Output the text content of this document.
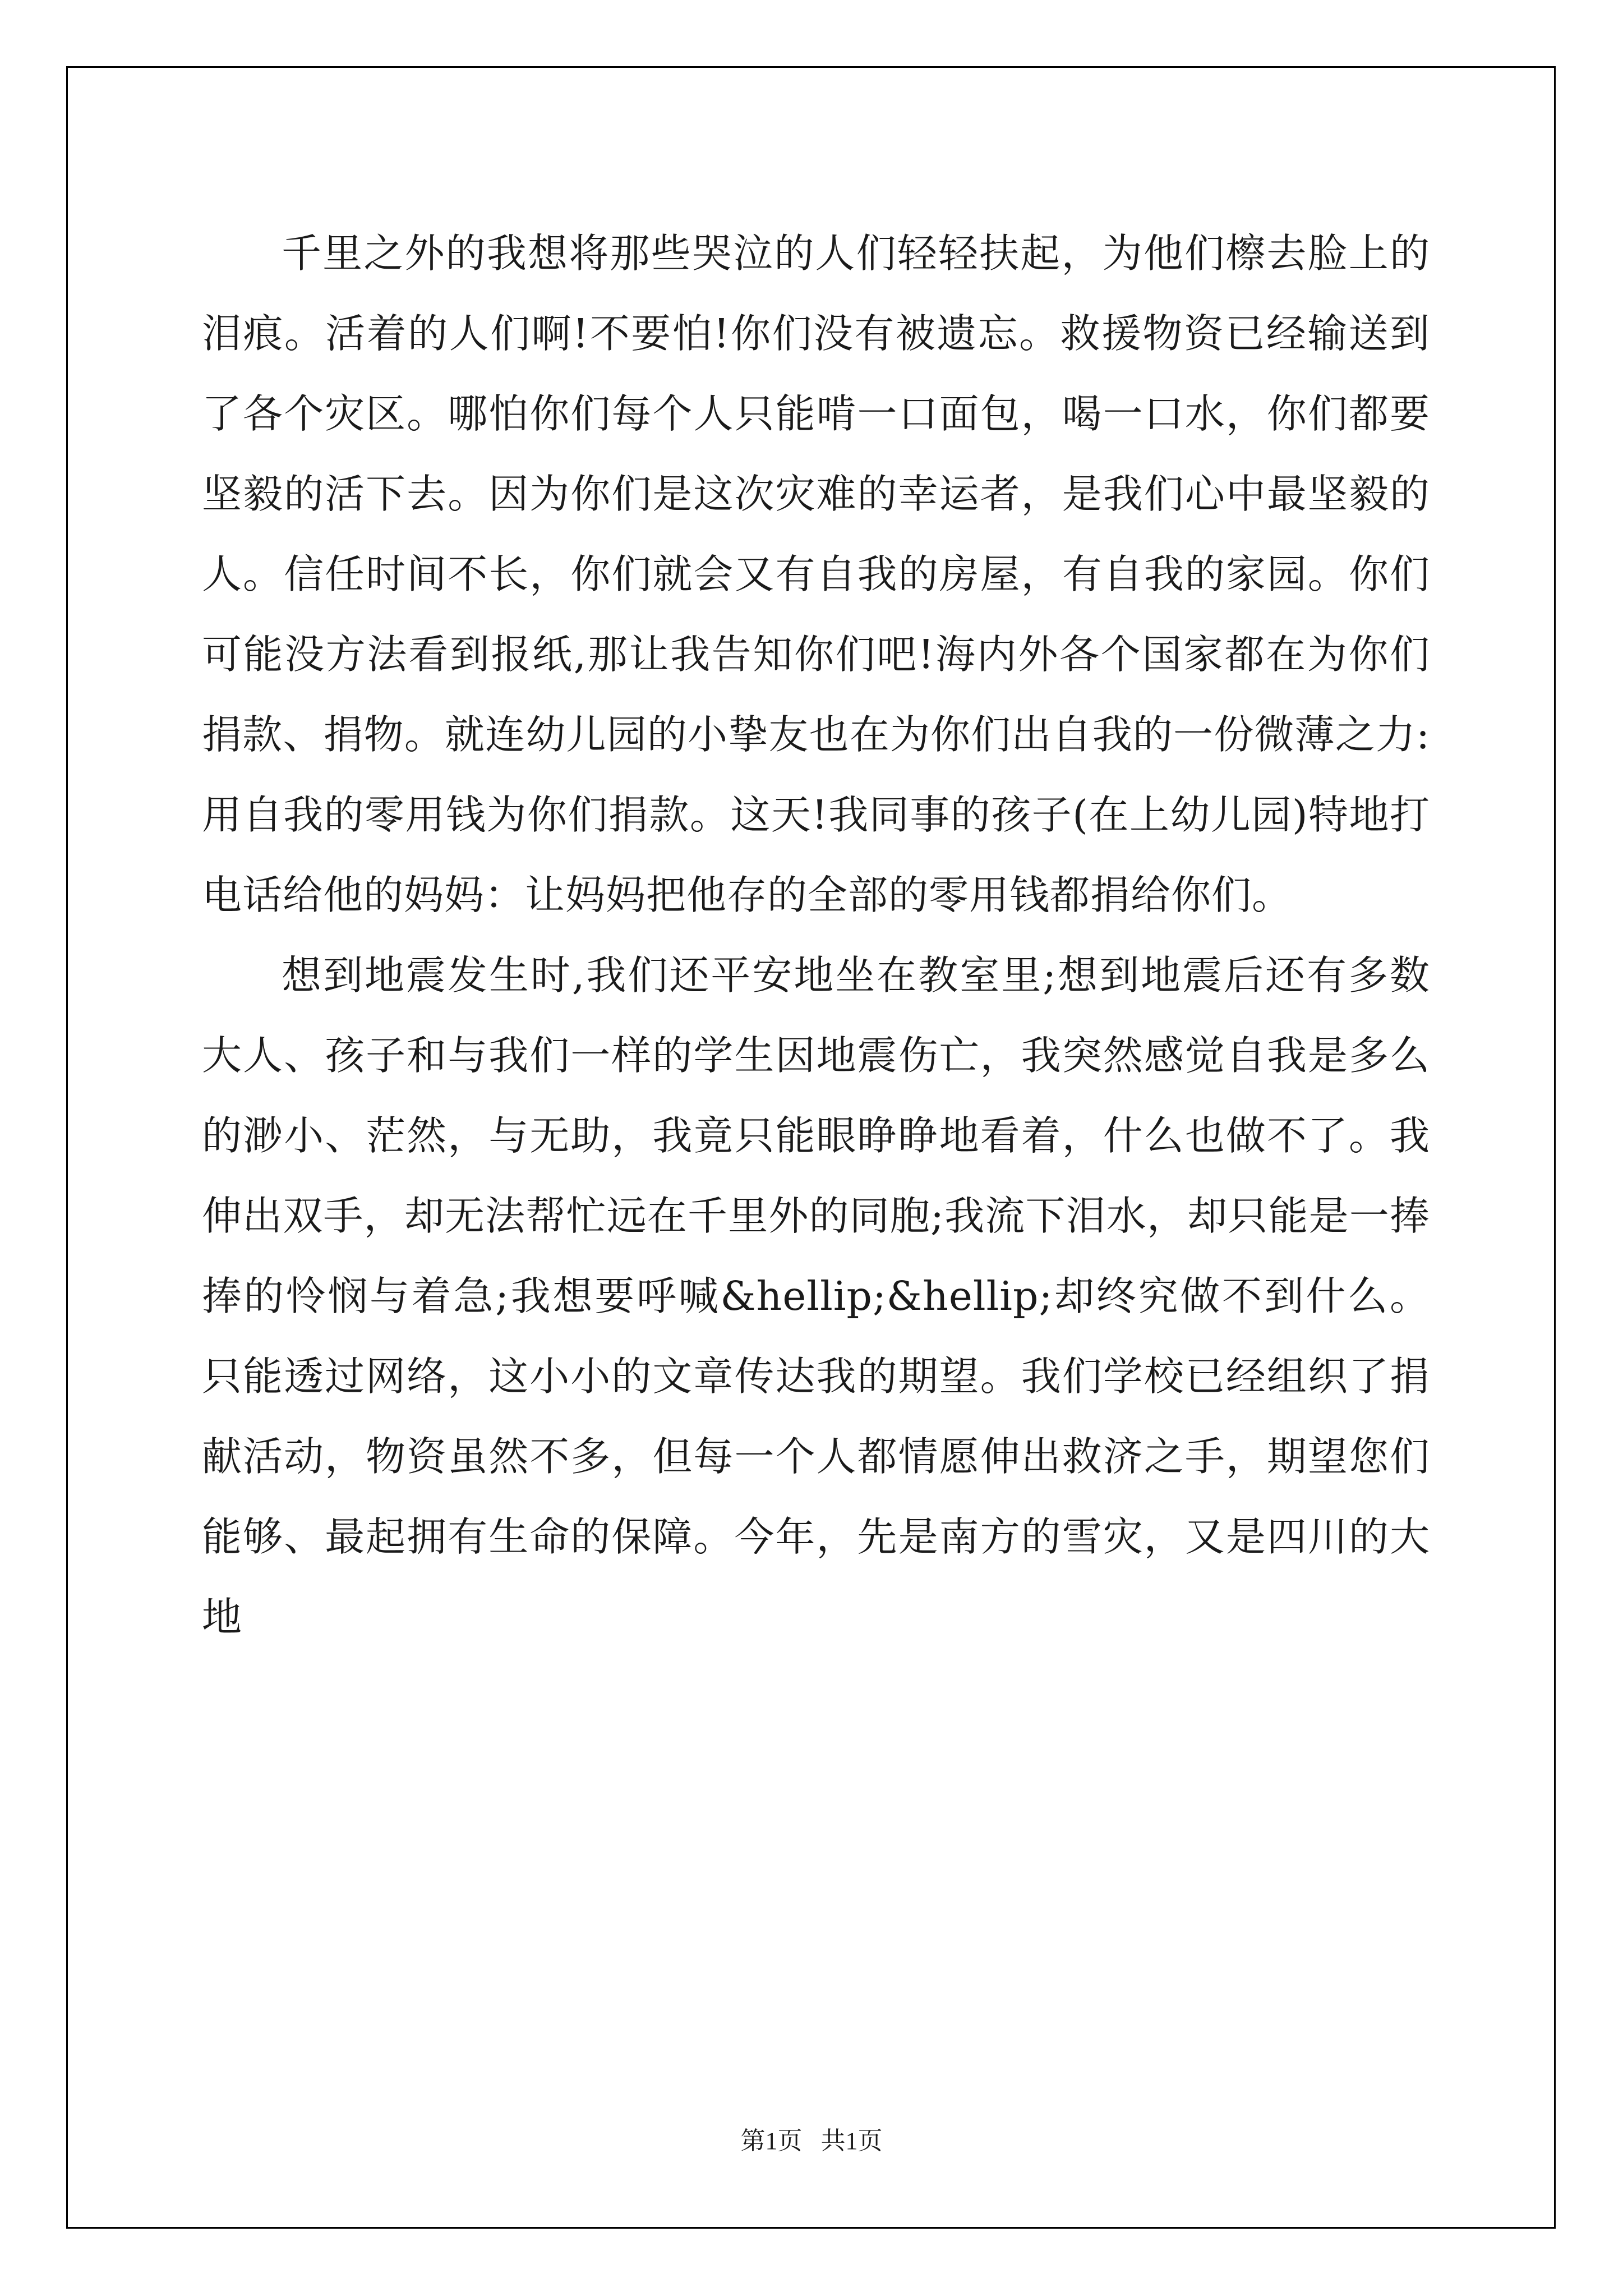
千里之外的我想将那些哭泣的人们轻轻扶起，为他们檫去脸上的泪痕。活着的人们啊!不要怕!你们没有被遗忘。救援物资已经输送到了各个灾区。哪怕你们每个人只能啃一口面包，喝一口水，你们都要坚毅的活下去。因为你们是这次灾难的幸运者，是我们心中最坚毅的人。信任时间不长，你们就会又有自我的房屋，有自我的家园。你们可能没方法看到报纸,那让我告知你们吧!海内外各个国家都在为你们捐款、捐物。就连幼儿园的小挚友也在为你们出自我的一份微薄之力:用自我的零用钱为你们捐款。这天!我同事的孩子(在上幼儿园)特地打电话给他的妈妈：让妈妈把他存的全部的零用钱都捐给你们。

想到地震发生时,我们还平安地坐在教室里;想到地震后还有多数大人、孩子和与我们一样的学生因地震伤亡，我突然感觉自我是多么的渺小、茫然，与无助，我竟只能眼睁睁地看着，什么也做不了。我伸出双手，却无法帮忙远在千里外的同胞;我流下泪水，却只能是一捧捧的怜悯与着急;我想要呼喊&hellip;&hellip;却终究做不到什么。只能透过网络，这小小的文章传达我的期望。我们学校已经组织了捐献活动，物资虽然不多，但每一个人都情愿伸出救济之手，期望您们能够、最起拥有生命的保障。今年，先是南方的雪灾，又是四川的大地

第1页   共1页
